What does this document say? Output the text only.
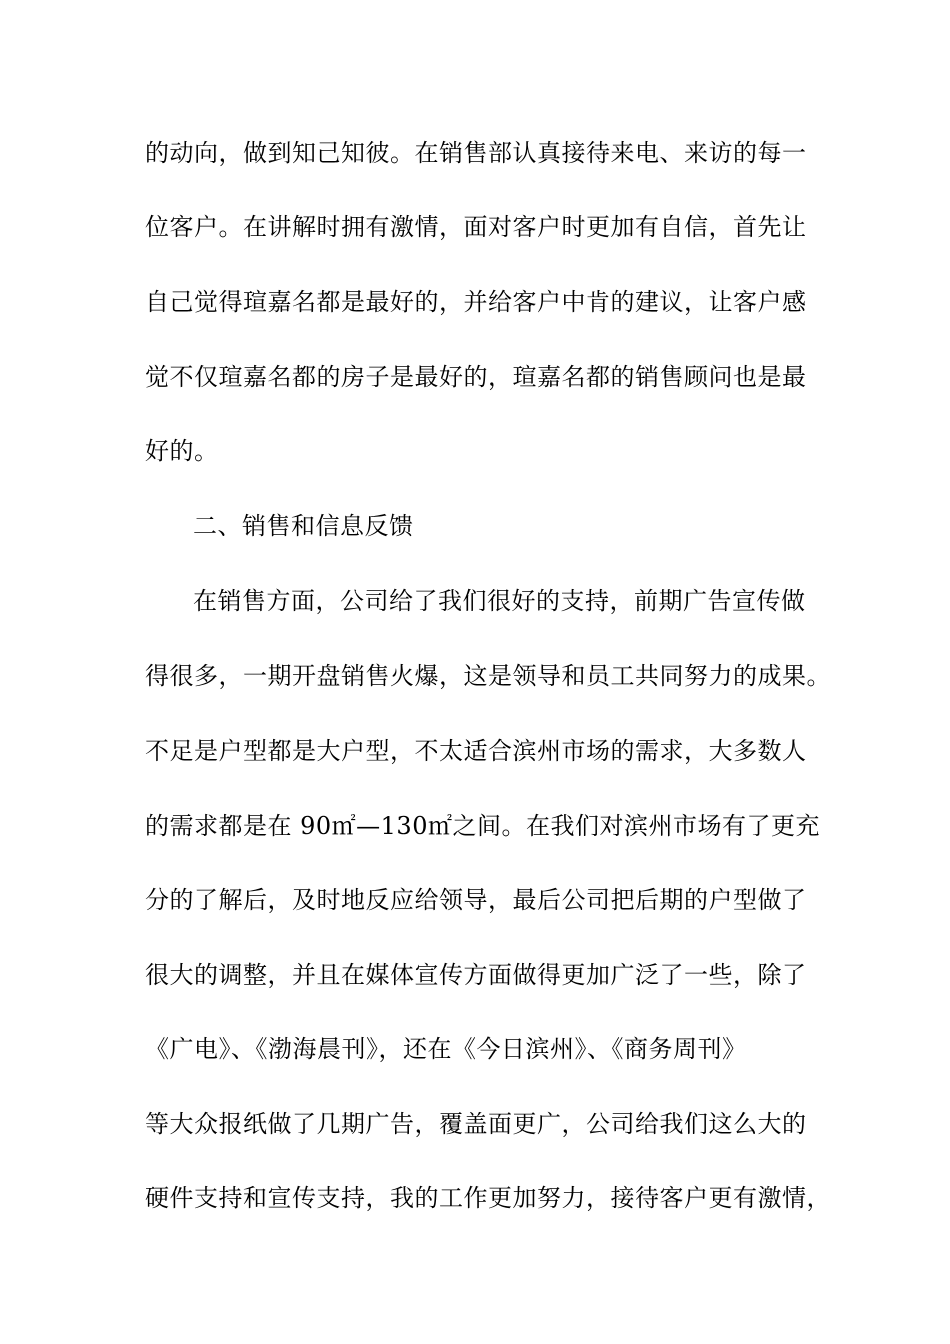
的动向，做到知己知彼。在销售部认真接待来电、来访的每一
位客户。在讲解时拥有激情，面对客户时更加有自信，首先让
自己觉得瑄嘉名都是最好的，并给客户中肯的建议，让客户感
觉不仅瑄嘉名都的房子是最好的，瑄嘉名都的销售顾问也是最
好的。
二、销售和信息反馈
在销售方面，公司给了我们很好的支持，前期广告宣传做
得很多，一期开盘销售火爆，这是领导和员工共同努力的成果。
不足是户型都是大户型，不太适合滨州市场的需求，大多数人
的需求都是在 90㎡—130㎡之间。在我们对滨州市场有了更充
分的了解后，及时地反应给领导，最后公司把后期的户型做了
很大的调整，并且在媒体宣传方面做得更加广泛了一些，除了
《广电》、《渤海晨刊》，还在《今日滨州》、《商务周刊》
等大众报纸做了几期广告，覆盖面更广，公司给我们这么大的
硬件支持和宣传支持，我的工作更加努力，接待客户更有激情，
